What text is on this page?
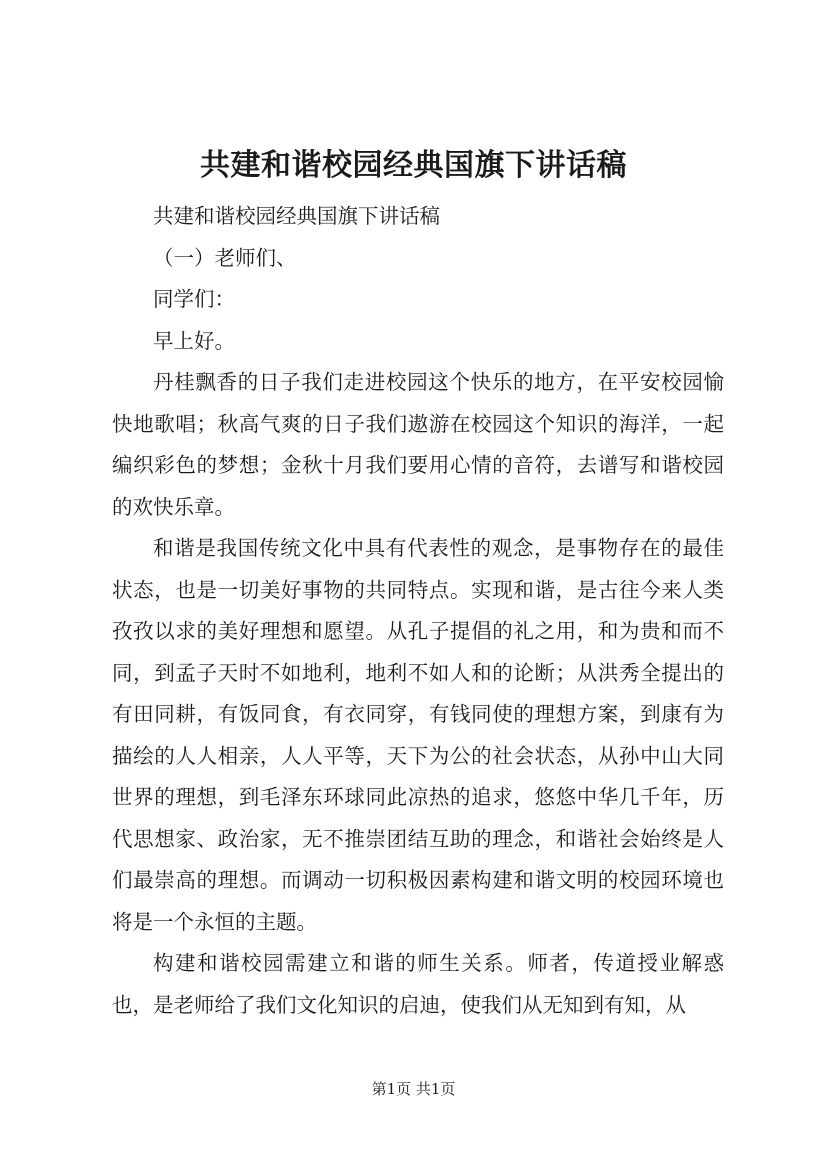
共建和谐校园经典国旗下讲话稿

共建和谐校园经典国旗下讲话稿

（一）老师们、

同学们：

早上好。

丹桂飘香的日子我们走进校园这个快乐的地方，在平安校园愉快地歌唱；秋高气爽的日子我们遨游在校园这个知识的海洋，一起编织彩色的梦想；金秋十月我们要用心情的音符，去谱写和谐校园的欢快乐章。

和谐是我国传统文化中具有代表性的观念，是事物存在的最佳状态，也是一切美好事物的共同特点。实现和谐，是古往今来人类孜孜以求的美好理想和愿望。从孔子提倡的礼之用，和为贵和而不同，到孟子天时不如地利，地利不如人和的论断；从洪秀全提出的有田同耕，有饭同食，有衣同穿，有钱同使的理想方案，到康有为描绘的人人相亲，人人平等，天下为公的社会状态，从孙中山大同世界的理想，到毛泽东环球同此凉热的追求，悠悠中华几千年，历代思想家、政治家，无不推崇团结互助的理念，和谐社会始终是人们最崇高的理想。而调动一切积极因素构建和谐文明的校园环境也将是一个永恒的主题。

构建和谐校园需建立和谐的师生关系。师者，传道授业解惑也，是老师给了我们文化知识的启迪，使我们从无知到有知，从

第1页 共1页
